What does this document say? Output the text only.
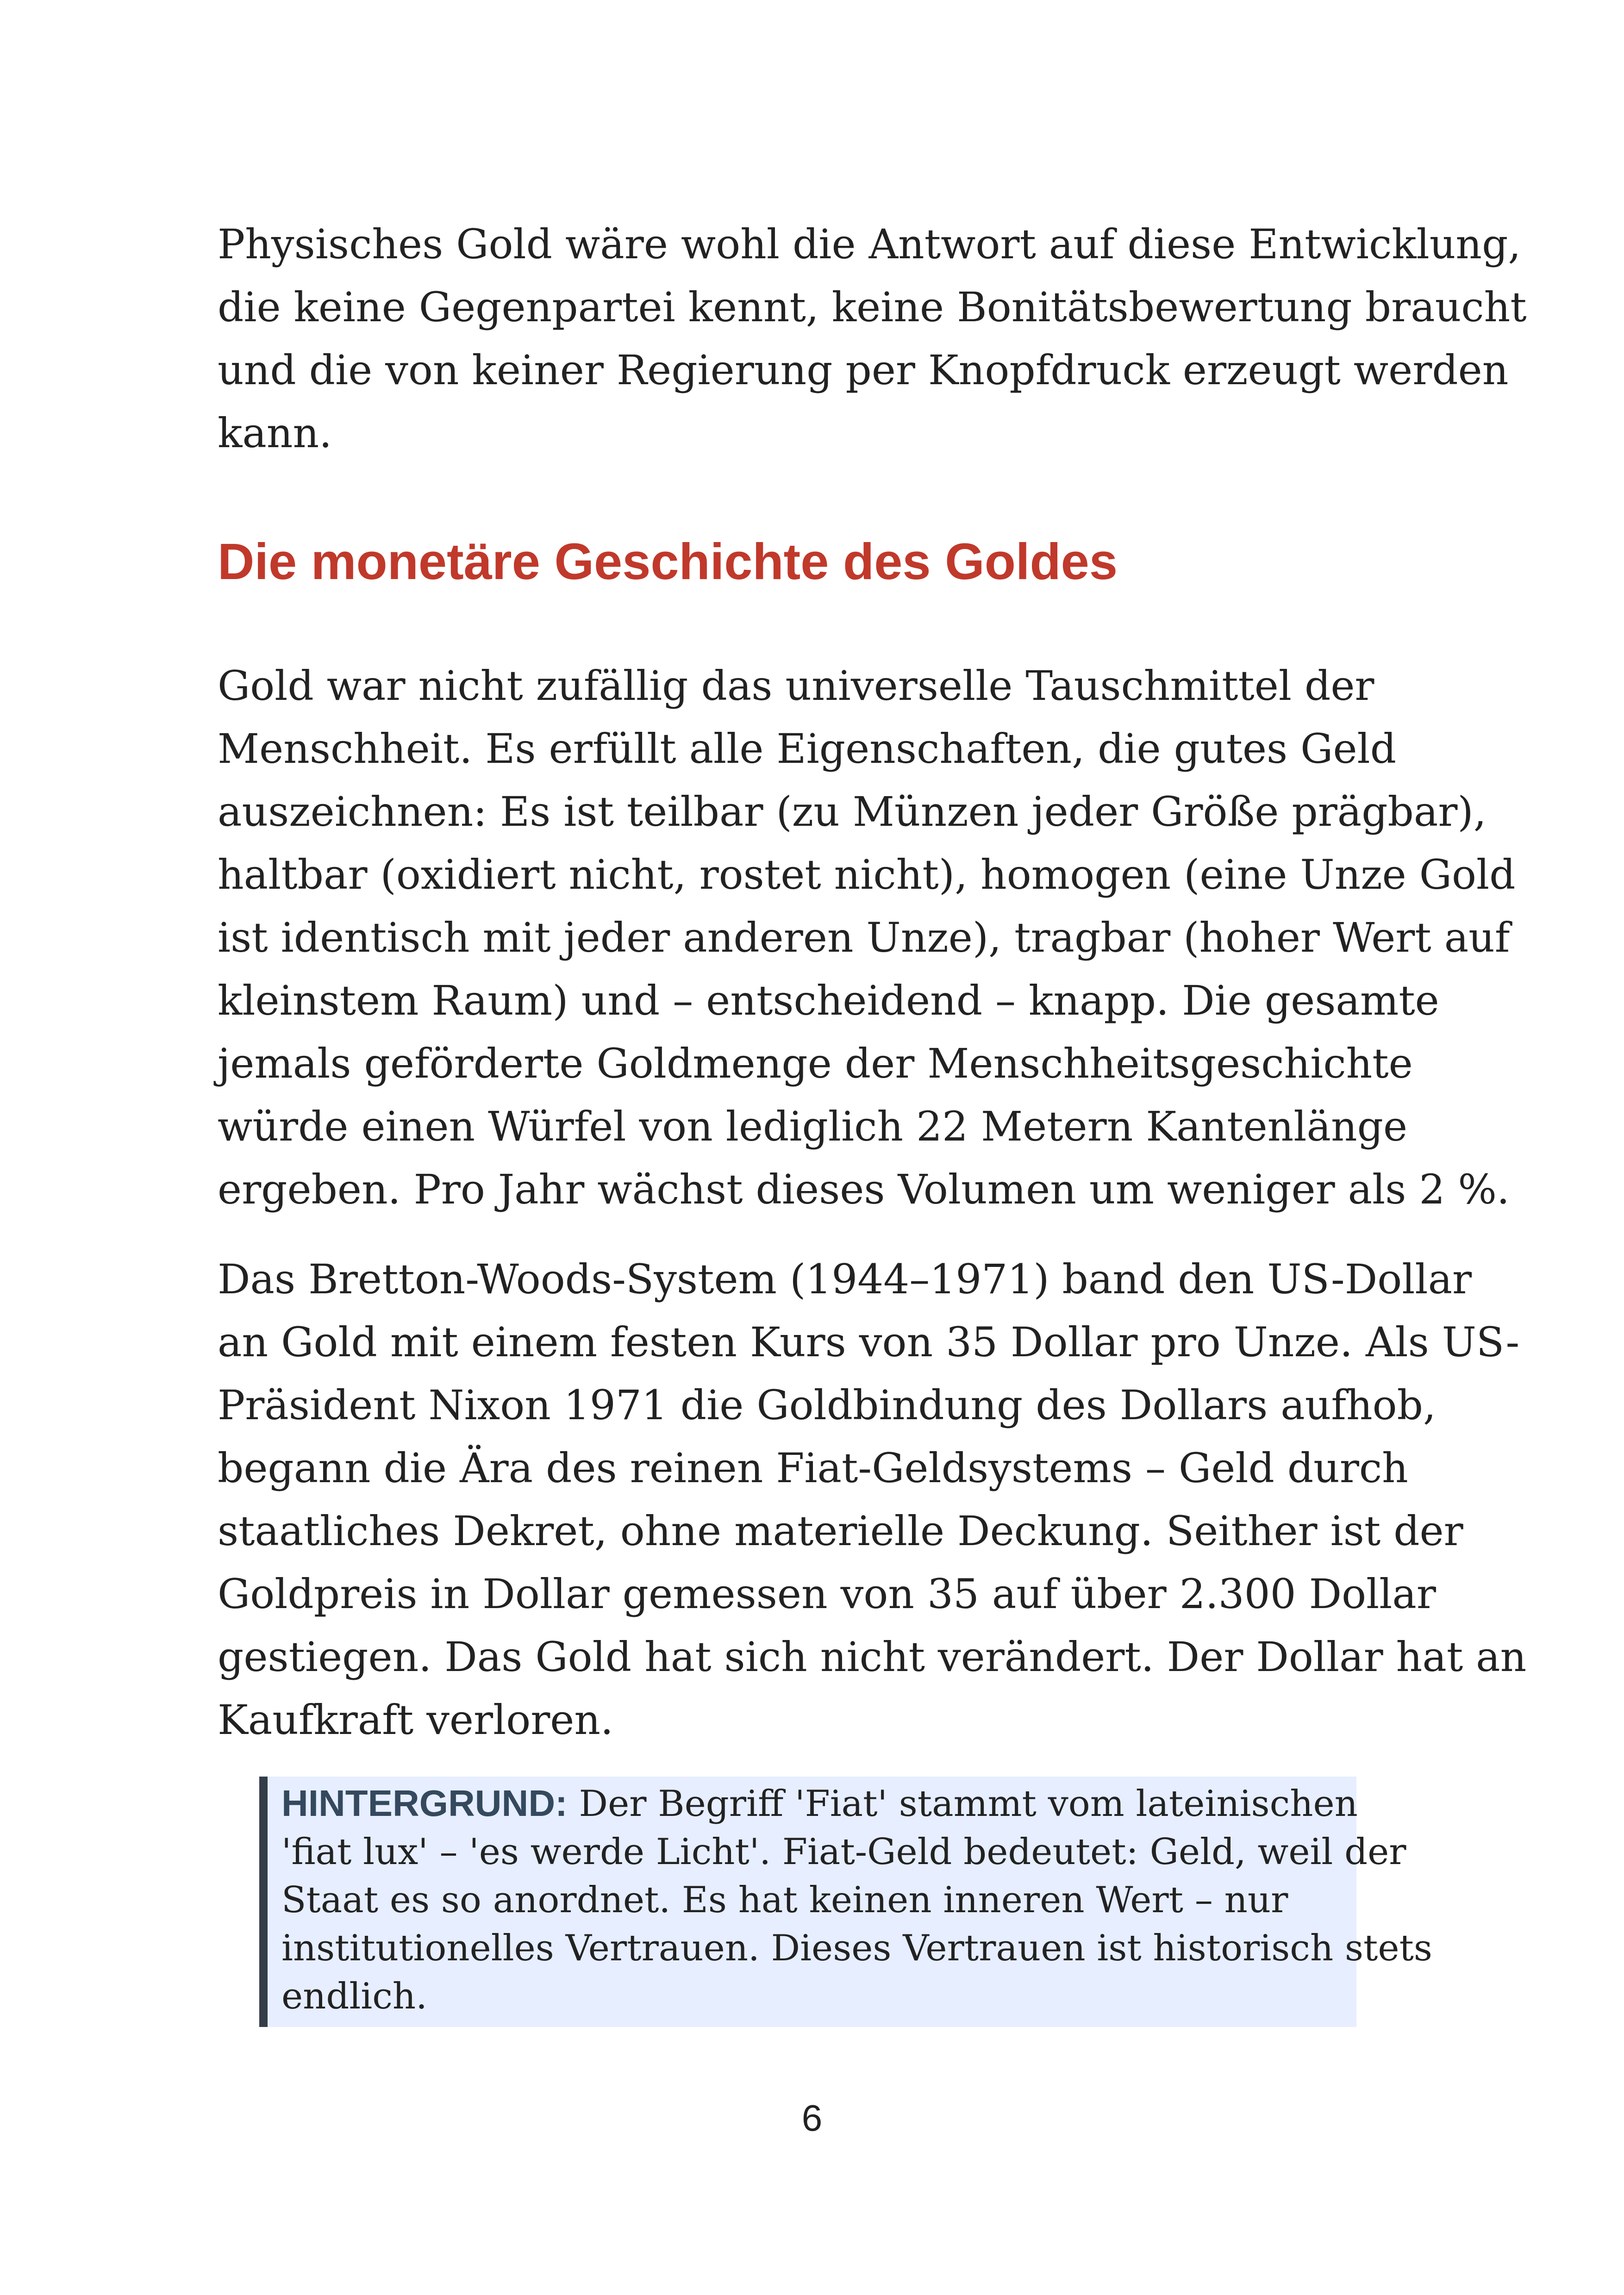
Physisches Gold wäre wohl die Antwort auf diese Entwicklung,
die keine Gegenpartei kennt, keine Bonitätsbewertung braucht
und die von keiner Regierung per Knopfdruck erzeugt werden
kann.

Die monetäre Geschichte des Goldes

Gold war nicht zufällig das universelle Tauschmittel der
Menschheit. Es erfüllt alle Eigenschaften, die gutes Geld
auszeichnen: Es ist teilbar (zu Münzen jeder Größe prägbar),
haltbar (oxidiert nicht, rostet nicht), homogen (eine Unze Gold
ist identisch mit jeder anderen Unze), tragbar (hoher Wert auf
kleinstem Raum) und – entscheidend – knapp. Die gesamte
jemals geförderte Goldmenge der Menschheitsgeschichte
würde einen Würfel von lediglich 22 Metern Kantenlänge
ergeben. Pro Jahr wächst dieses Volumen um weniger als 2 %.

Das Bretton-Woods-System (1944–1971) band den US-Dollar
an Gold mit einem festen Kurs von 35 Dollar pro Unze. Als US-
Präsident Nixon 1971 die Goldbindung des Dollars aufhob,
begann die Ära des reinen Fiat-Geldsystems – Geld durch
staatliches Dekret, ohne materielle Deckung. Seither ist der
Goldpreis in Dollar gemessen von 35 auf über 2.300 Dollar
gestiegen. Das Gold hat sich nicht verändert. Der Dollar hat an
Kaufkraft verloren.

HINTERGRUND: Der Begriff 'Fiat' stammt vom lateinischen
'fiat lux' – 'es werde Licht'. Fiat-Geld bedeutet: Geld, weil der
Staat es so anordnet. Es hat keinen inneren Wert – nur
institutionelles Vertrauen. Dieses Vertrauen ist historisch stets
endlich.
6
